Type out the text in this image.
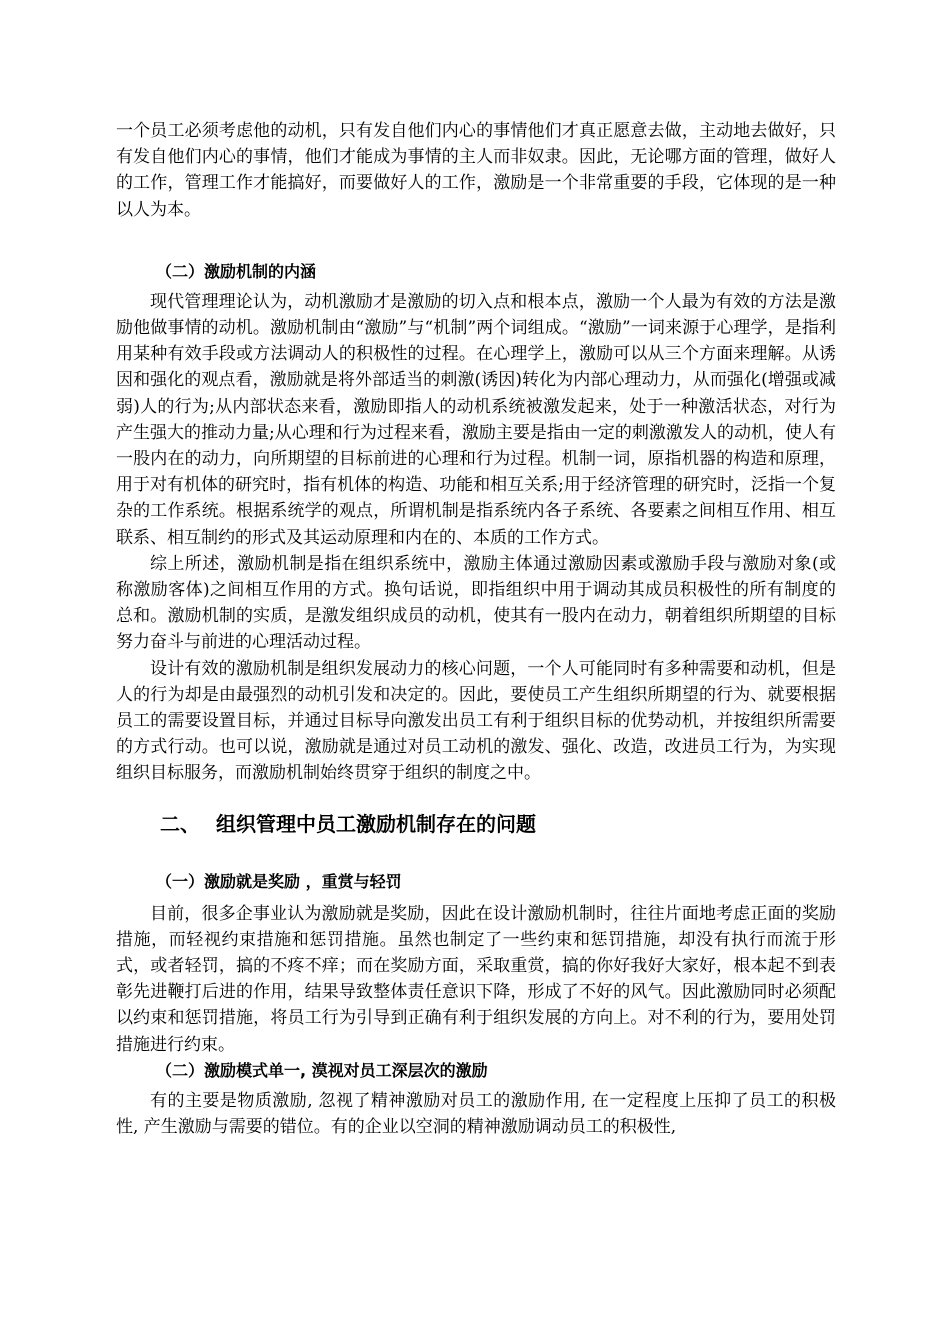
一个员工必须考虑他的动机，只有发自他们内心的事情他们才真正愿意去做，主动地去做好，只有发自他们内心的事情，他们才能成为事情的主人而非奴隶。因此，无论哪方面的管理，做好人的工作，管理工作才能搞好，而要做好人的工作，激励是一个非常重要的手段，它体现的是一种以人为本。

（二）激励机制的内涵

现代管理理论认为，动机激励才是激励的切入点和根本点，激励一个人最为有效的方法是激励他做事情的动机。激励机制由“激励”与“机制”两个词组成。“激励”一词来源于心理学，是指利用某种有效手段或方法调动人的积极性的过程。在心理学上，激励可以从三个方面来理解。从诱因和强化的观点看，激励就是将外部适当的刺激(诱因)转化为内部心理动力，从而强化(增强或减弱)人的行为;从内部状态来看，激励即指人的动机系统被激发起来，处于一种激活状态，对行为产生强大的推动力量;从心理和行为过程来看，激励主要是指由一定的刺激激发人的动机，使人有一股内在的动力，向所期望的目标前进的心理和行为过程。机制一词，原指机器的构造和原理，用于对有机体的研究时，指有机体的构造、功能和相互关系;用于经济管理的研究时，泛指一个复杂的工作系统。根据系统学的观点，所谓机制是指系统内各子系统、各要素之间相互作用、相互联系、相互制约的形式及其运动原理和内在的、本质的工作方式。

综上所述，激励机制是指在组织系统中，激励主体通过激励因素或激励手段与激励对象(或称激励客体)之间相互作用的方式。换句话说，即指组织中用于调动其成员积极性的所有制度的总和。激励机制的实质，是激发组织成员的动机，使其有一股内在动力，朝着组织所期望的目标努力奋斗与前进的心理活动过程。

设计有效的激励机制是组织发展动力的核心问题，一个人可能同时有多种需要和动机，但是人的行为却是由最强烈的动机引发和决定的。因此，要使员工产生组织所期望的行为、就要根据员工的需要设置目标，并通过目标导向激发出员工有利于组织目标的优势动机，并按组织所需要的方式行动。也可以说，激励就是通过对员工动机的激发、强化、改造，改进员工行为，为实现组织目标服务，而激励机制始终贯穿于组织的制度之中。

二、 组织管理中员工激励机制存在的问题
（一）激励就是奖励 ，重赏与轻罚

目前，很多企事业认为激励就是奖励，因此在设计激励机制时，往往片面地考虑正面的奖励措施，而轻视约束措施和惩罚措施。虽然也制定了一些约束和惩罚措施，却没有执行而流于形式，或者轻罚，搞的不疼不痒；而在奖励方面，采取重赏，搞的你好我好大家好，根本起不到表彰先进鞭打后进的作用，结果导致整体责任意识下降，形成了不好的风气。因此激励同时必须配以约束和惩罚措施，将员工行为引导到正确有利于组织发展的方向上。对不利的行为，要用处罚措施进行约束。

（二）激励模式单一, 漠视对员工深层次的激励

有的主要是物质激励, 忽视了精神激励对员工的激励作用, 在一定程度上压抑了员工的积极性, 产生激励与需要的错位。有的企业以空洞的精神激励调动员工的积极性,
